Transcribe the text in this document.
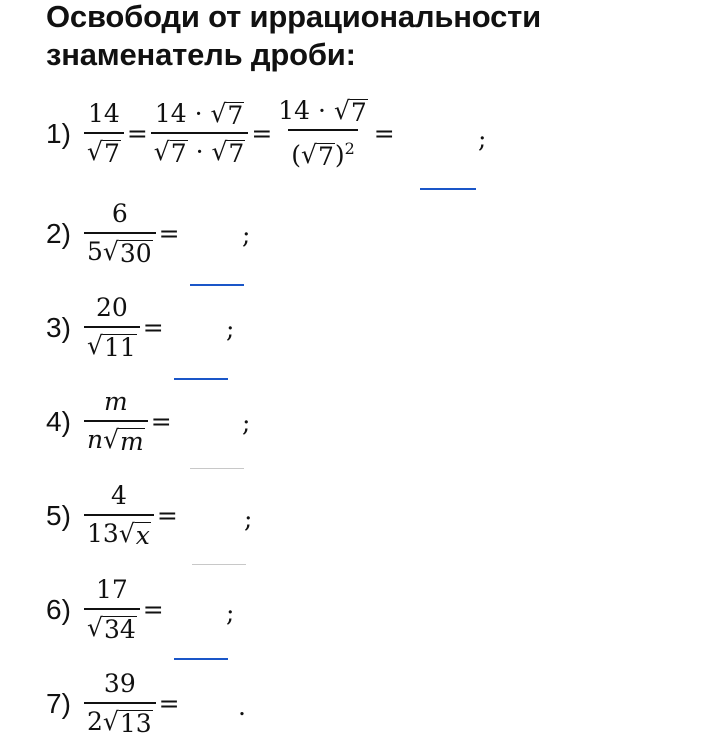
Освободи от иррациональности знаменатель дроби:
$1) \frac{14}{√ 7} = \frac{14 \cdot √ 7}{√ 7 \cdot √ 7} = \frac{14 \cdot √ 7}{( √ 7 )^2}$ =	;
$2) \frac{6}{5 √ 30}$ = ;
$3) \frac{20}{√ 11}$ = ;
$4) \frac{m}{n √ m}$ =	;
$5) \frac{4}{13 √ x}$ =	;
$6) \frac{17}{√ 34}$ = ;
$7) \frac{39}{2 √ 13}$ = .
